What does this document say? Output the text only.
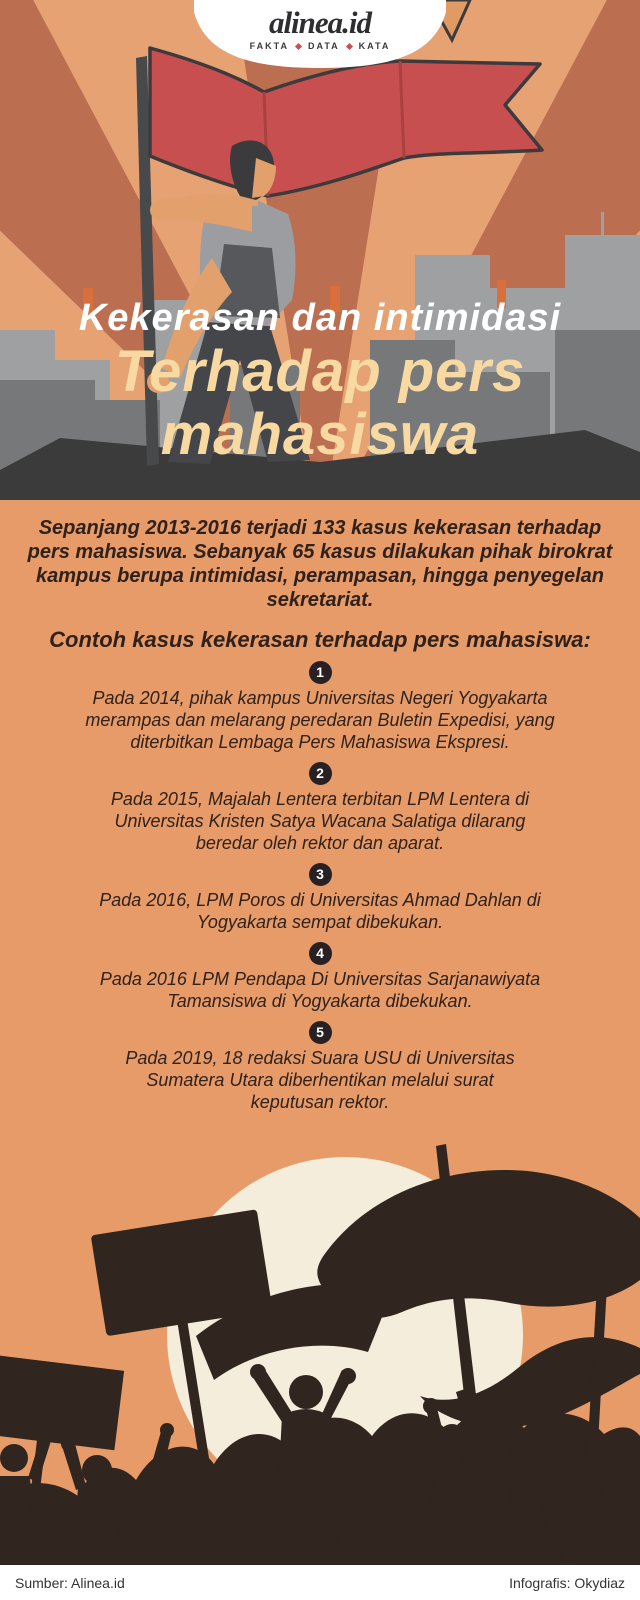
alinea.id
FAKTA DATA KATA
Kekerasan dan intimidasi
Terhadap pers
mahasiswa

Sepanjang 2013-2016 terjadi 133 kasus kekerasan terhadap pers mahasiswa. Sebanyak 65 kasus dilakukan pihak birokrat kampus berupa intimidasi, perampasan, hingga penyegelan sekretariat.

Contoh kasus kekerasan terhadap pers mahasiswa:
1
Pada 2014, pihak kampus Universitas Negeri Yogyakarta merampas dan melarang peredaran Buletin Expedisi, yang diterbitkan Lembaga Pers Mahasiswa Ekspresi.
2
Pada 2015, Majalah Lentera terbitan LPM Lentera di Universitas Kristen Satya Wacana Salatiga dilarang beredar oleh rektor dan aparat.
3
Pada 2016, LPM Poros di Universitas Ahmad Dahlan di Yogyakarta sempat dibekukan.
4
Pada 2016 LPM Pendapa Di Universitas Sarjanawiyata Tamansiswa di Yogyakarta dibekukan.
5
Pada 2019, 18 redaksi Suara USU di Universitas Sumatera Utara diberhentikan melalui surat keputusan rektor.
Sumber: Alinea.id	Infografis: Okydiaz
